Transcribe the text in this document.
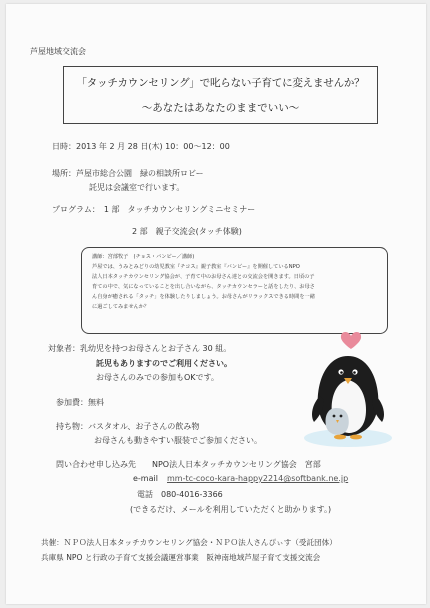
芦屋地域交流会
「タッチカウンセリング」で叱らない子育てに変えませんか？
〜あなたはあなたのままでいい〜
日時：2013 年 2 月 28 日(木) 10：00〜12：00
場所：芦屋市総合公園　緑の相談所ロビー
託児は会議室で行います。
プログラム：　1 部　タッチカウンセリングミニセミナー
2 部　親子交流会(タッチ体験)
講師：宮部牧子　(チョス・バンピー／講師)
芦屋では、うみとみどりの幼児教室『チコス』親子教室『バンビー』を開催しているNPO
法人日本タッチカウンセリング協会が、子育て中のお母さん達との交流会を開きます。日頃の子
育ての中で、気になっていることを出し合いながら、タッチカウンセラーと話をしたり、お母さ
ん自身が癒される「タッチ」を体験したりしましょう。お母さんがリラックスできる時間を一緒
に過ごしてみませんか？
対象者：乳幼児を持つお母さんとお子さん 30 組。
託児もありますのでご利用ください。
お母さんのみでの参加もOKです。
参加費：無料
持ち物：バスタオル、お子さんの飲み物
お母さんも動きやすい服装でご参加ください。
問い合わせ申し込み先　　NPO法人日本タッチカウンセリング協会　宮部
e-mail mm-tc-coco-kara-happy2214@softbank.ne.jp
電話　080-4016-3366
(できるだけ、メールを利用していただくと助かります。)
共催：ＮＰＯ法人日本タッチカウンセリング協会・ＮＰＯ法人さんぴぃす（受託団体）
兵庫県 NPO と行政の子育て支援会議運営事業　阪神南地域芦屋子育て支援交流会
